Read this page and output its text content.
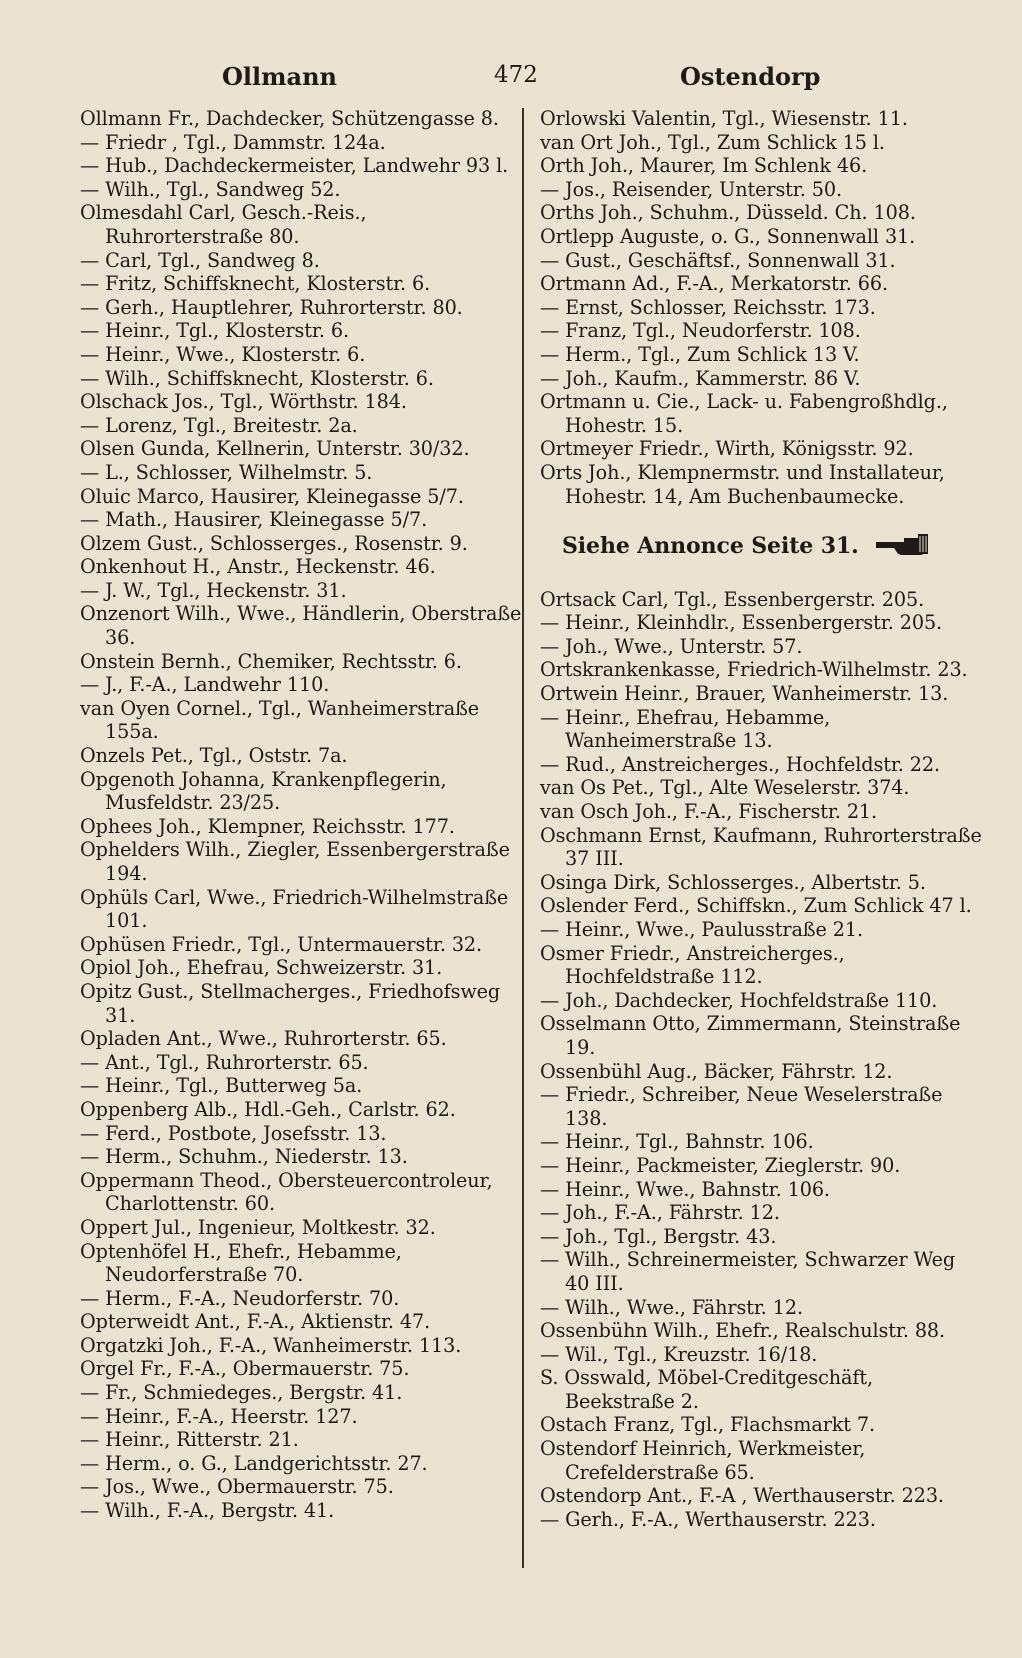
Ollmann	472	Ostendorp

Ollmann Fr., Dachdecker, Schützengasse 8.

— Friedr , Tgl., Dammstr. 124a.

— Hub., Dachdeckermeister, Landwehr 93 l.

— Wilh., Tgl., Sandweg 52.

Olmesdahl Carl, Gesch.-Reis., Ruhrorterstraße 80.

— Carl, Tgl., Sandweg 8.

— Fritz, Schiffsknecht, Klosterstr. 6.

— Gerh., Hauptlehrer, Ruhrorterstr. 80.

— Heinr., Tgl., Klosterstr. 6.

— Heinr., Wwe., Klosterstr. 6.

— Wilh., Schiffsknecht, Klosterstr. 6.

Olschack Jos., Tgl., Wörthstr. 184.

— Lorenz, Tgl., Breitestr. 2a.

Olsen Gunda, Kellnerin, Unterstr. 30/32.

— L., Schlosser, Wilhelmstr. 5.

Oluic Marco, Hausirer, Kleinegasse 5/7.

— Math., Hausirer, Kleinegasse 5/7.

Olzem Gust., Schlosserges., Rosenstr. 9.

Onkenhout H., Anstr., Heckenstr. 46.

— J. W., Tgl., Heckenstr. 31.

Onzenort Wilh., Wwe., Händlerin, Oberstraße 36.

Onstein Bernh., Chemiker, Rechtsstr. 6.

— J., F.-A., Landwehr 110.

van Oyen Cornel., Tgl., Wanheimerstraße 155a.

Onzels Pet., Tgl., Oststr. 7a.

Opgenoth Johanna, Krankenpflegerin, Musfeldstr. 23/25.

Ophees Joh., Klempner, Reichsstr. 177.

Ophelders Wilh., Ziegler, Essenbergerstraße 194.

Ophüls Carl, Wwe., Friedrich-Wilhelmstraße 101.

Ophüsen Friedr., Tgl., Untermauerstr. 32.

Opiol Joh., Ehefrau, Schweizerstr. 31.

Opitz Gust., Stellmacherges., Friedhofsweg 31.

Opladen Ant., Wwe., Ruhrorterstr. 65.

— Ant., Tgl., Ruhrorterstr. 65.

— Heinr., Tgl., Butterweg 5a.

Oppenberg Alb., Hdl.-Geh., Carlstr. 62.

— Ferd., Postbote, Josefsstr. 13.

— Herm., Schuhm., Niederstr. 13.

Oppermann Theod., Obersteuercontroleur, Charlottenstr. 60.

Oppert Jul., Ingenieur, Moltkestr. 32.

Optenhöfel H., Ehefr., Hebamme, Neudorferstraße 70.

— Herm., F.-A., Neudorferstr. 70.

Opterweidt Ant., F.-A., Aktienstr. 47.

Orgatzki Joh., F.-A., Wanheimerstr. 113.

Orgel Fr., F.-A., Obermauerstr. 75.

— Fr., Schmiedeges., Bergstr. 41.

— Heinr., F.-A., Heerstr. 127.

— Heinr., Ritterstr. 21.

— Herm., o. G., Landgerichtsstr. 27.

— Jos., Wwe., Obermauerstr. 75.

— Wilh., F.-A., Bergstr. 41.

Orlowski Valentin, Tgl., Wiesenstr. 11.

van Ort Joh., Tgl., Zum Schlick 15 l.

Orth Joh., Maurer, Im Schlenk 46.

— Jos., Reisender, Unterstr. 50.

Orths Joh., Schuhm., Düsseld. Ch. 108.

Ortlepp Auguste, o. G., Sonnenwall 31.

— Gust., Geschäftsf., Sonnenwall 31.

Ortmann Ad., F.-A., Merkatorstr. 66.

— Ernst, Schlosser, Reichsstr. 173.

— Franz, Tgl., Neudorferstr. 108.

— Herm., Tgl., Zum Schlick 13 V.

— Joh., Kaufm., Kammerstr. 86 V.

Ortmann u. Cie., Lack- u. Fabengroßhdlg., Hohestr. 15.

Ortmeyer Friedr., Wirth, Königsstr. 92.

Orts Joh., Klempnermstr. und Installateur, Hohestr. 14, Am Buchenbaumecke.

Siehe Annonce Seite 31.

Ortsack Carl, Tgl., Essenbergerstr. 205.

— Heinr., Kleinhdlr., Essenbergerstr. 205.

— Joh., Wwe., Unterstr. 57.

Ortskrankenkasse, Friedrich-Wilhelmstr. 23.

Ortwein Heinr., Brauer, Wanheimerstr. 13.

— Heinr., Ehefrau, Hebamme, Wanheimerstraße 13.

— Rud., Anstreicherges., Hochfeldstr. 22.

van Os Pet., Tgl., Alte Weselerstr. 374.

van Osch Joh., F.-A., Fischerstr. 21.

Oschmann Ernst, Kaufmann, Ruhrorterstraße 37 III.

Osinga Dirk, Schlosserges., Albertstr. 5.

Oslender Ferd., Schiffskn., Zum Schlick 47 l.

— Heinr., Wwe., Paulusstraße 21.

Osmer Friedr., Anstreicherges., Hochfeldstraße 112.

— Joh., Dachdecker, Hochfeldstraße 110.

Osselmann Otto, Zimmermann, Steinstraße 19.

Ossenbühl Aug., Bäcker, Fährstr. 12.

— Friedr., Schreiber, Neue Weselerstraße 138.

— Heinr., Tgl., Bahnstr. 106.

— Heinr., Packmeister, Zieglerstr. 90.

— Heinr., Wwe., Bahnstr. 106.

— Joh., F.-A., Fährstr. 12.

— Joh., Tgl., Bergstr. 43.

— Wilh., Schreinermeister, Schwarzer Weg 40 III.

— Wilh., Wwe., Fährstr. 12.

Ossenbühn Wilh., Ehefr., Realschulstr. 88.

— Wil., Tgl., Kreuzstr. 16/18.

S. Osswald, Möbel-Creditgeschäft, Beekstraße 2.

Ostach Franz, Tgl., Flachsmarkt 7.

Ostendorf Heinrich, Werkmeister, Crefelderstraße 65.

Ostendorp Ant., F.-A , Werthauserstr. 223.

— Gerh., F.-A., Werthauserstr. 223.
